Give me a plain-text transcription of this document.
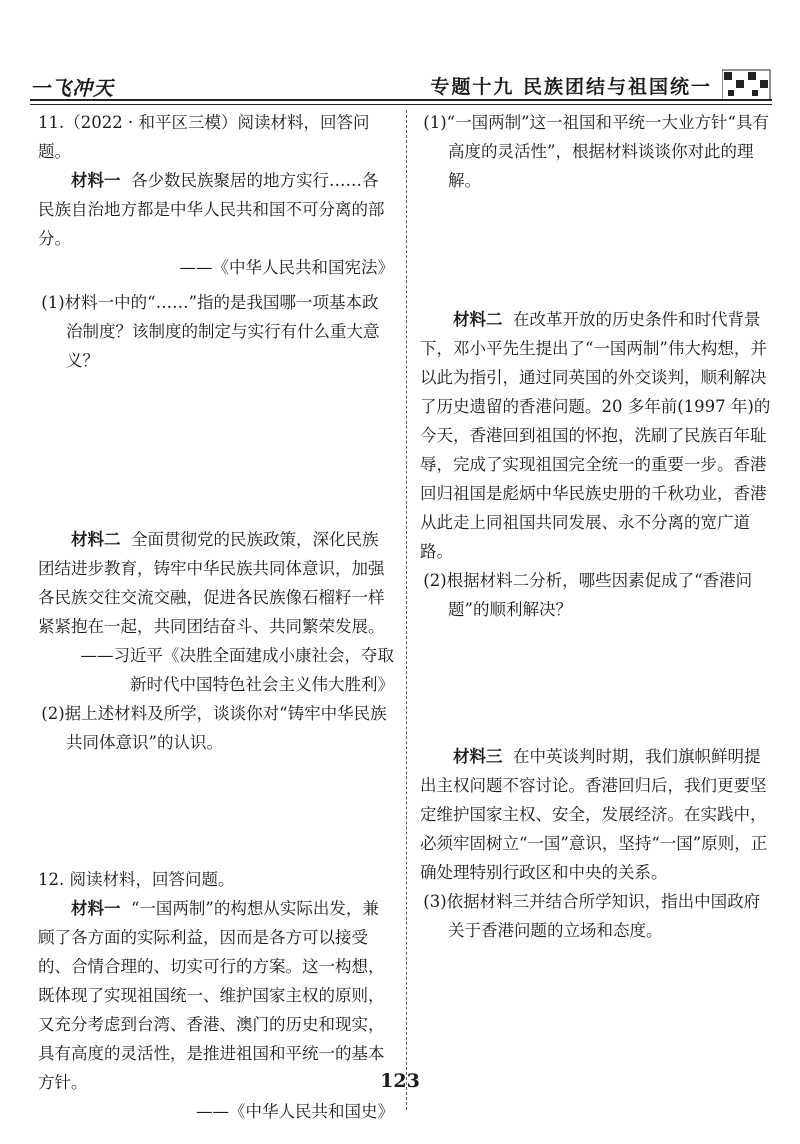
一飞冲天	专题十九 民族团结与祖国统一

11.（2022 · 和平区三模）阅读材料，回答问题。

材料一 各少数民族聚居的地方实行……各民族自治地方都是中华人民共和国不可分离的部分。

——《中华人民共和国宪法》

(1)材料一中的“……”指的是我国哪一项基本政治制度？该制度的制定与实行有什么重大意义？

材料二 全面贯彻党的民族政策，深化民族团结进步教育，铸牢中华民族共同体意识，加强各民族交往交流交融，促进各民族像石榴籽一样紧紧抱在一起，共同团结奋斗、共同繁荣发展。

——习近平《决胜全面建成小康社会，夺取新时代中国特色社会主义伟大胜利》

(2)据上述材料及所学，谈谈你对“铸牢中华民族共同体意识”的认识。

12. 阅读材料，回答问题。

材料一 “一国两制”的构想从实际出发，兼顾了各方面的实际利益，因而是各方可以接受的、合情合理的、切实可行的方案。这一构想，既体现了实现祖国统一、维护国家主权的原则，又充分考虑到台湾、香港、澳门的历史和现实，具有高度的灵活性，是推进祖国和平统一的基本方针。

——《中华人民共和国史》

(1)“一国两制”这一祖国和平统一大业方针“具有高度的灵活性”，根据材料谈谈你对此的理解。

材料二 在改革开放的历史条件和时代背景下，邓小平先生提出了“一国两制”伟大构想，并以此为指引，通过同英国的外交谈判，顺利解决了历史遗留的香港问题。20 多年前(1997 年)的今天，香港回到祖国的怀抱，洗刷了民族百年耻辱，完成了实现祖国完全统一的重要一步。香港回归祖国是彪炳中华民族史册的千秋功业，香港从此走上同祖国共同发展、永不分离的宽广道路。

(2)根据材料二分析，哪些因素促成了“香港问题”的顺利解决？

材料三 在中英谈判时期，我们旗帜鲜明提出主权问题不容讨论。香港回归后，我们更要坚定维护国家主权、安全，发展经济。在实践中，必须牢固树立“一国”意识，坚持“一国”原则，正确处理特别行政区和中央的关系。

(3)依据材料三并结合所学知识，指出中国政府关于香港问题的立场和态度。

123
